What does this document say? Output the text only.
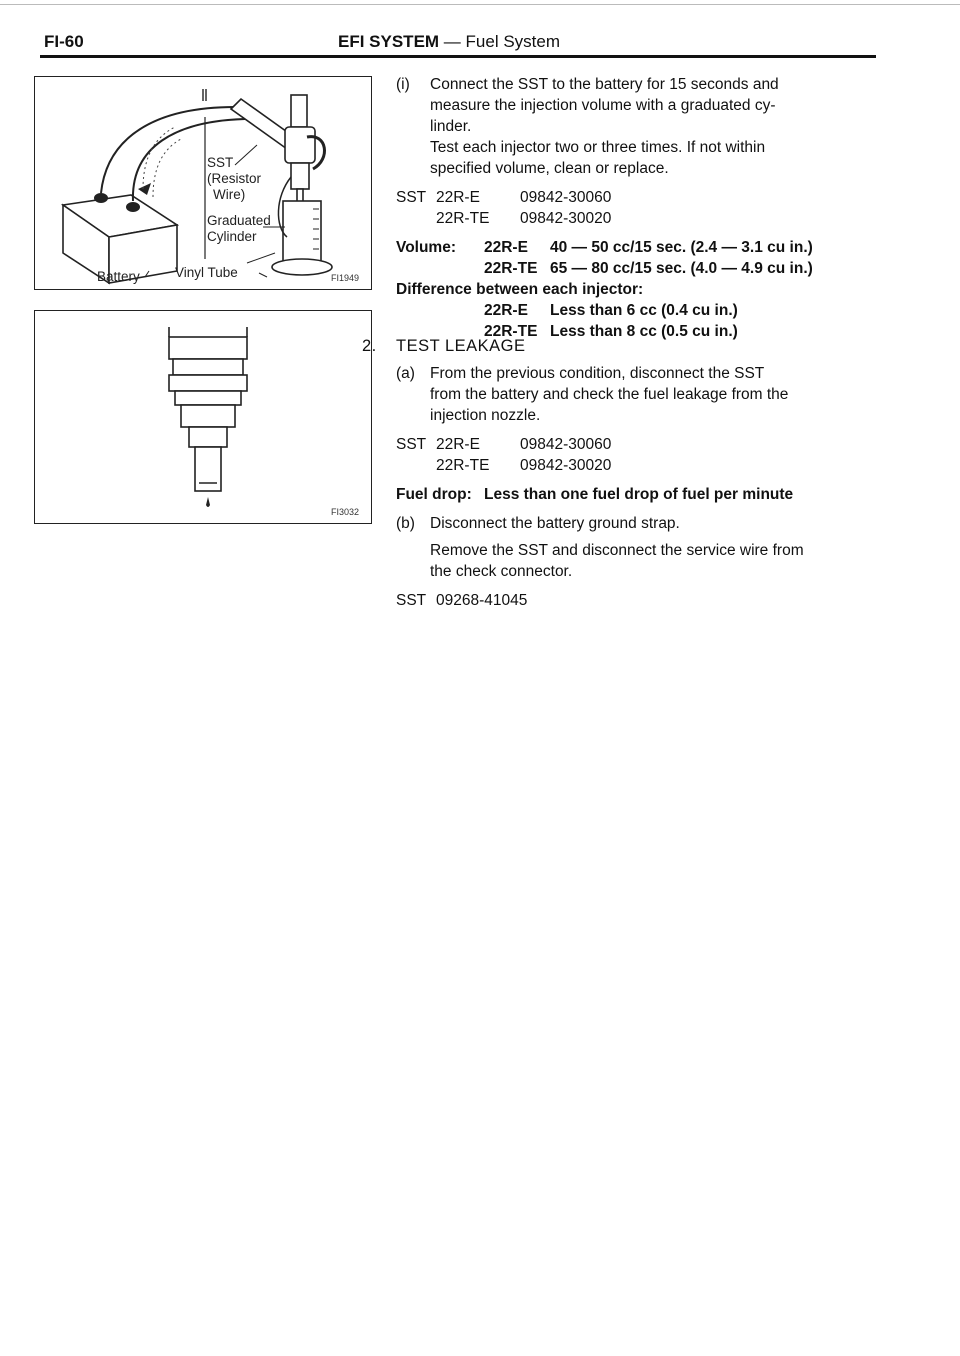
FI-60	EFI SYSTEM — Fuel System
SST
(Resistor
Wire)
Graduated
Cylinder
Battery	Vinyl Tube	FI1949
FI3032
(i)	Connect the SST to the battery for 15 seconds and

measure the injection volume with a graduated cy-

linder.

Test each injector two or three times. If not within

specified volume, clean or replace.

SST 22R-E	09842-30060
22R-TE	09842-30020
Volume:	22R-E	40 — 50 cc/15 sec. (2.4 — 3.1 cu in.)
22R-TE 65 — 80 cc/15 sec. (4.0 — 4.9 cu in.)
Difference between each injector:
22R-E	Less than 6 cc (0.4 cu in.)
22R-TE Less than 8 cc (0.5 cu in.)
2.	TEST LEAKAGE
(a) From the previous condition, disconnect the SST

from the battery and check the fuel leakage from the

injection nozzle.

SST 22R-E	09842-30060
22R-TE	09842-30020
Fuel drop: Less than one fuel drop of fuel per minute
(b) Disconnect the battery ground strap.

Remove the SST and disconnect the service wire from

the check connector.

SST 09268-41045
